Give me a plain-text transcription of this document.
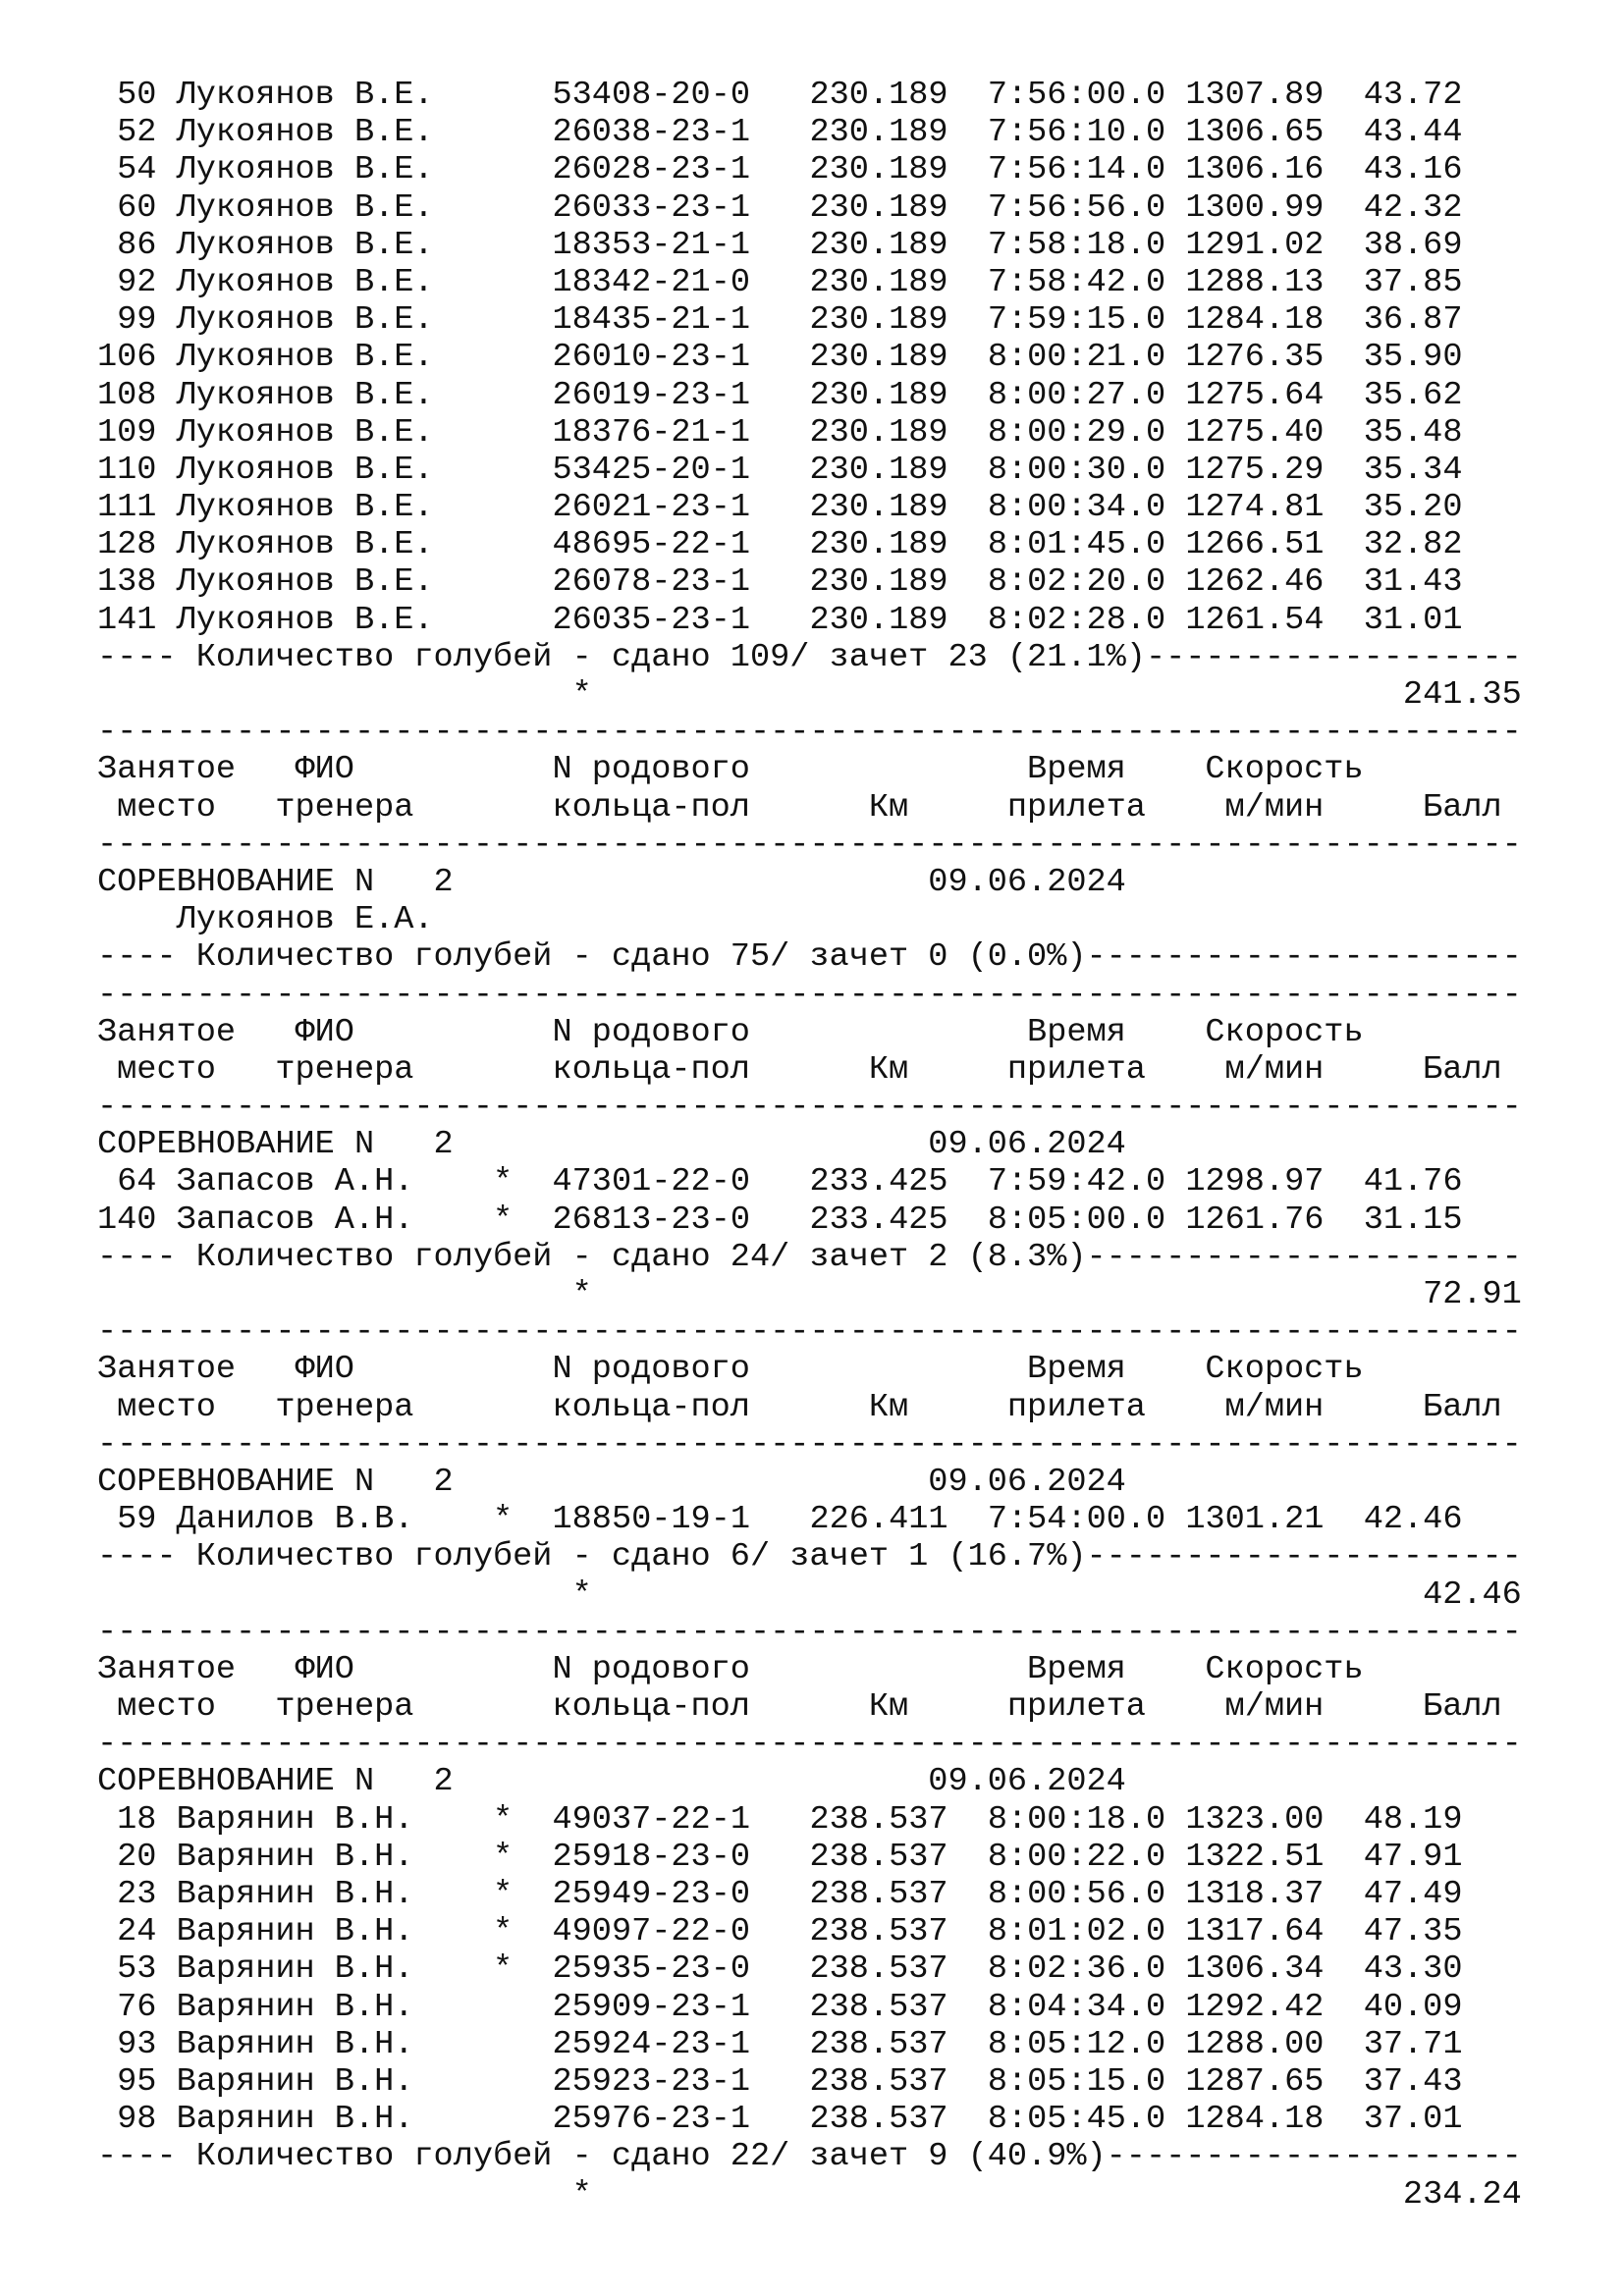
50 Лукоянов В.Е.	53408-20-0   230.189 7:56:00.0 1307.89  43.72
52 Лукоянов В.Е.	26038-23-1   230.189 7:56:10.0 1306.65  43.44
54 Лукоянов В.Е.	26028-23-1   230.189 7:56:14.0 1306.16  43.16
60 Лукоянов В.Е.	26033-23-1   230.189 7:56:56.0 1300.99  42.32
86 Лукоянов В.Е.	18353-21-1   230.189 7:58:18.0 1291.02  38.69
92 Лукоянов В.Е.	18342-21-0   230.189 7:58:42.0 1288.13  37.85
99 Лукоянов В.Е.	18435-21-1   230.189 7:59:15.0 1284.18  36.87
106 Лукоянов В.Е.	26010-23-1   230.189 8:00:21.0 1276.35  35.90
108 Лукоянов В.Е.	26019-23-1   230.189 8:00:27.0 1275.64  35.62
109 Лукоянов В.Е.	18376-21-1   230.189 8:00:29.0 1275.40  35.48
110 Лукоянов В.Е.	53425-20-1   230.189 8:00:30.0 1275.29  35.34
111 Лукоянов В.Е.	26021-23-1   230.189 8:00:34.0 1274.81  35.20
128 Лукоянов В.Е.	48695-22-1   230.189 8:01:45.0 1266.51  32.82
138 Лукоянов В.Е.	26078-23-1   230.189 8:02:20.0 1262.46  31.43
141 Лукоянов В.Е.	26035-23-1   230.189 8:02:28.0 1261.54  31.01
---- Количество голубей - сдано 109/ зачет 23 (21.1%)-------------------
*                                         241.35
------------------------------------------------------------------------
Занятое   ФИО          N родового              Время    Скорость
место   тренера       кольца-пол      Км     прилета    м/мин     Балл
------------------------------------------------------------------------
СОРЕВНОВАНИЕ N   2                        09.06.2024
Лукоянов Е.А.
---- Количество голубей - сдано 75/ зачет 0 (0.0%)----------------------
------------------------------------------------------------------------
Занятое   ФИО          N родового              Время    Скорость
место   тренера       кольца-пол      Км     прилета    м/мин     Балл
------------------------------------------------------------------------
СОРЕВНОВАНИЕ N   2                        09.06.2024
64 Запасов А.Н.    * 47301-22-0   233.425 7:59:42.0 1298.97  41.76
140 Запасов А.Н.    * 26813-23-0   233.425 8:05:00.0 1261.76  31.15
---- Количество голубей - сдано 24/ зачет 2 (8.3%)----------------------
*                                          72.91
------------------------------------------------------------------------
Занятое   ФИО          N родового              Время    Скорость
место   тренера       кольца-пол      Км     прилета    м/мин     Балл
------------------------------------------------------------------------
СОРЕВНОВАНИЕ N   2                        09.06.2024
59 Данилов В.В.    * 18850-19-1   226.411 7:54:00.0 1301.21  42.46
---- Количество голубей - сдано 6/ зачет 1 (16.7%)----------------------
*                                          42.46
------------------------------------------------------------------------
Занятое   ФИО          N родового              Время    Скорость
место   тренера       кольца-пол      Км     прилета    м/мин     Балл
------------------------------------------------------------------------
СОРЕВНОВАНИЕ N   2                        09.06.2024
18 Варянин В.Н.    * 49037-22-1   238.537 8:00:18.0 1323.00  48.19
20 Варянин В.Н.    * 25918-23-0   238.537 8:00:22.0 1322.51  47.91
23 Варянин В.Н.    * 25949-23-0   238.537 8:00:56.0 1318.37  47.49
24 Варянин В.Н.    * 49097-22-0   238.537 8:01:02.0 1317.64  47.35
53 Варянин В.Н.    * 25935-23-0   238.537 8:02:36.0 1306.34  43.30
76 Варянин В.Н.	25909-23-1   238.537 8:04:34.0 1292.42  40.09
93 Варянин В.Н.	25924-23-1   238.537 8:05:12.0 1288.00  37.71
95 Варянин В.Н.	25923-23-1   238.537 8:05:15.0 1287.65  37.43
98 Варянин В.Н.	25976-23-1   238.537 8:05:45.0 1284.18  37.01
---- Количество голубей - сдано 22/ зачет 9 (40.9%)---------------------
*                                         234.24
